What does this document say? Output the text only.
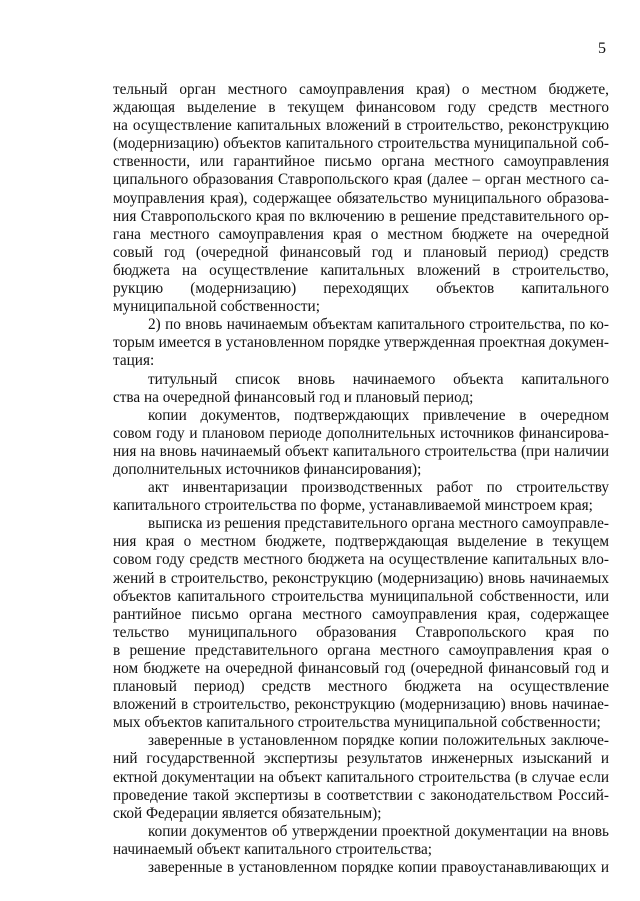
5
тельный орган местного самоуправления края) о местном бюджете,
ждающая выделение в текущем финансовом году средств местного
на осуществление капитальных вложений в строительство, реконструкцию
(модернизацию) объектов капитального строительства муниципальной соб-
ственности, или гарантийное письмо органа местного самоуправления
ципального образования Ставропольского края (далее – орган местного са-
моуправления края), содержащее обязательство муниципального образова-
ния Ставропольского края по включению в решение представительного ор-
гана местного самоуправления края о местном бюджете на очередной
совый год (очередной финансовый год и плановый период) средств
бюджета на осуществление капитальных вложений в строительство,
рукцию (модернизацию) переходящих объектов капитального
муниципальной собственности;
2) по вновь начинаемым объектам капитального строительства, по ко-
торым имеется в установленном порядке утвержденная проектная докумен-
тация:
титульный список вновь начинаемого объекта капитального
ства на очередной финансовый год и плановый период;
копии документов, подтверждающих привлечение в очередном
совом году и плановом периоде дополнительных источников финансирова-
ния на вновь начинаемый объект капитального строительства (при наличии
дополнительных источников финансирования);
акт инвентаризации производственных работ по строительству
капитального строительства по форме, устанавливаемой минстроем края;
выписка из решения представительного органа местного самоуправле-
ния края о местном бюджете, подтверждающая выделение в текущем
совом году средств местного бюджета на осуществление капитальных вло-
жений в строительство, реконструкцию (модернизацию) вновь начинаемых
объектов капитального строительства муниципальной собственности, или
рантийное письмо органа местного самоуправления края, содержащее
тельство муниципального образования Ставропольского края по
в решение представительного органа местного самоуправления края о
ном бюджете на очередной финансовый год (очередной финансовый год и
плановый период) средств местного бюджета на осуществление
вложений в строительство, реконструкцию (модернизацию) вновь начинае-
мых объектов капитального строительства муниципальной собственности;
заверенные в установленном порядке копии положительных заключе-
ний государственной экспертизы результатов инженерных изысканий и
ектной документации на объект капитального строительства (в случае если
проведение такой экспертизы в соответствии с законодательством Россий-
ской Федерации является обязательным);
копии документов об утверждении проектной документации на вновь
начинаемый объект капитального строительства;
заверенные в установленном порядке копии правоустанавливающих и
